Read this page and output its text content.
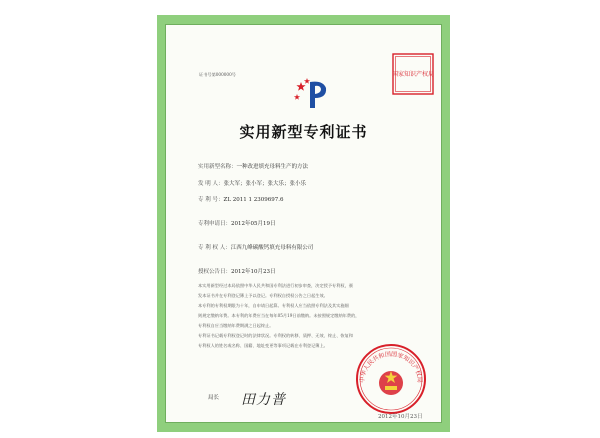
证书号第000000号	国家知识产权局
实用新型专利证书
实用新型名称：一种改进填充母料生产的方法
发 明 人：张大军；张小军；张大乐；张小乐
专 利 号：ZL 2011 1 2309697.6
专利申请日：2012年05月19日
专 利 权 人：江西九峰碳酸钙填充母料有限公司
授权公告日：2012年10月23日
本实用新型经过本局依照中华人民共和国专利法进行初步审查，决定授予专利权，颁
发本证书并在专利登记簿上予以登记。专利权自授权公告之日起生效。
本专利的专利权期限为十年，自申请日起算。专利权人应当依照专利法及其实施细
则规定缴纳年费。本专利的年费应当在每年05月19日前缴纳。未按照规定缴纳年费的，
专利权自应当缴纳年费期满之日起终止。
专利证书记载专利权登记时的法律状况。专利权的转移、质押、无效、终止、恢复和
专利权人的姓名或名称、国籍、地址变更等事项记载在专利登记簿上。
局长 田力普
中华人民共和国国家知识产权局
2012年10月23日
